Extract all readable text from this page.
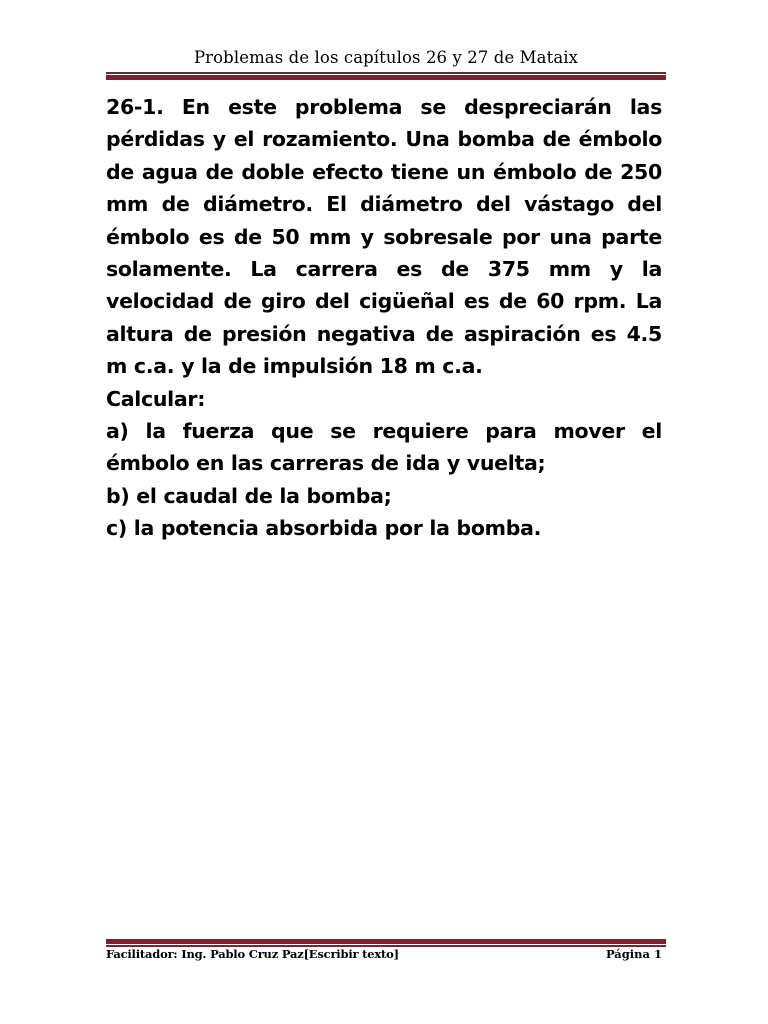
Problemas de los capítulos 26 y 27 de Mataix

26-1. En este problema se despreciarán las pérdidas y el rozamiento. Una bomba de émbolo de agua de doble efecto tiene un émbolo de 250 mm de diámetro. El diámetro del vástago del émbolo es de 50 mm y sobresale por una parte solamente. La carrera es de 375 mm y la velocidad de giro del cigüeñal es de 60 rpm. La altura de presión negativa de aspiración es 4.5 m c.a. y la de impulsión 18 m c.a.

Calcular:

a) la fuerza que se requiere para mover el émbolo en las carreras de ida y vuelta;

b) el caudal de la bomba;

c) la potencia absorbida por la bomba.

Facilitador: Ing. Pablo Cruz Paz[Escribir texto]	Página 1
